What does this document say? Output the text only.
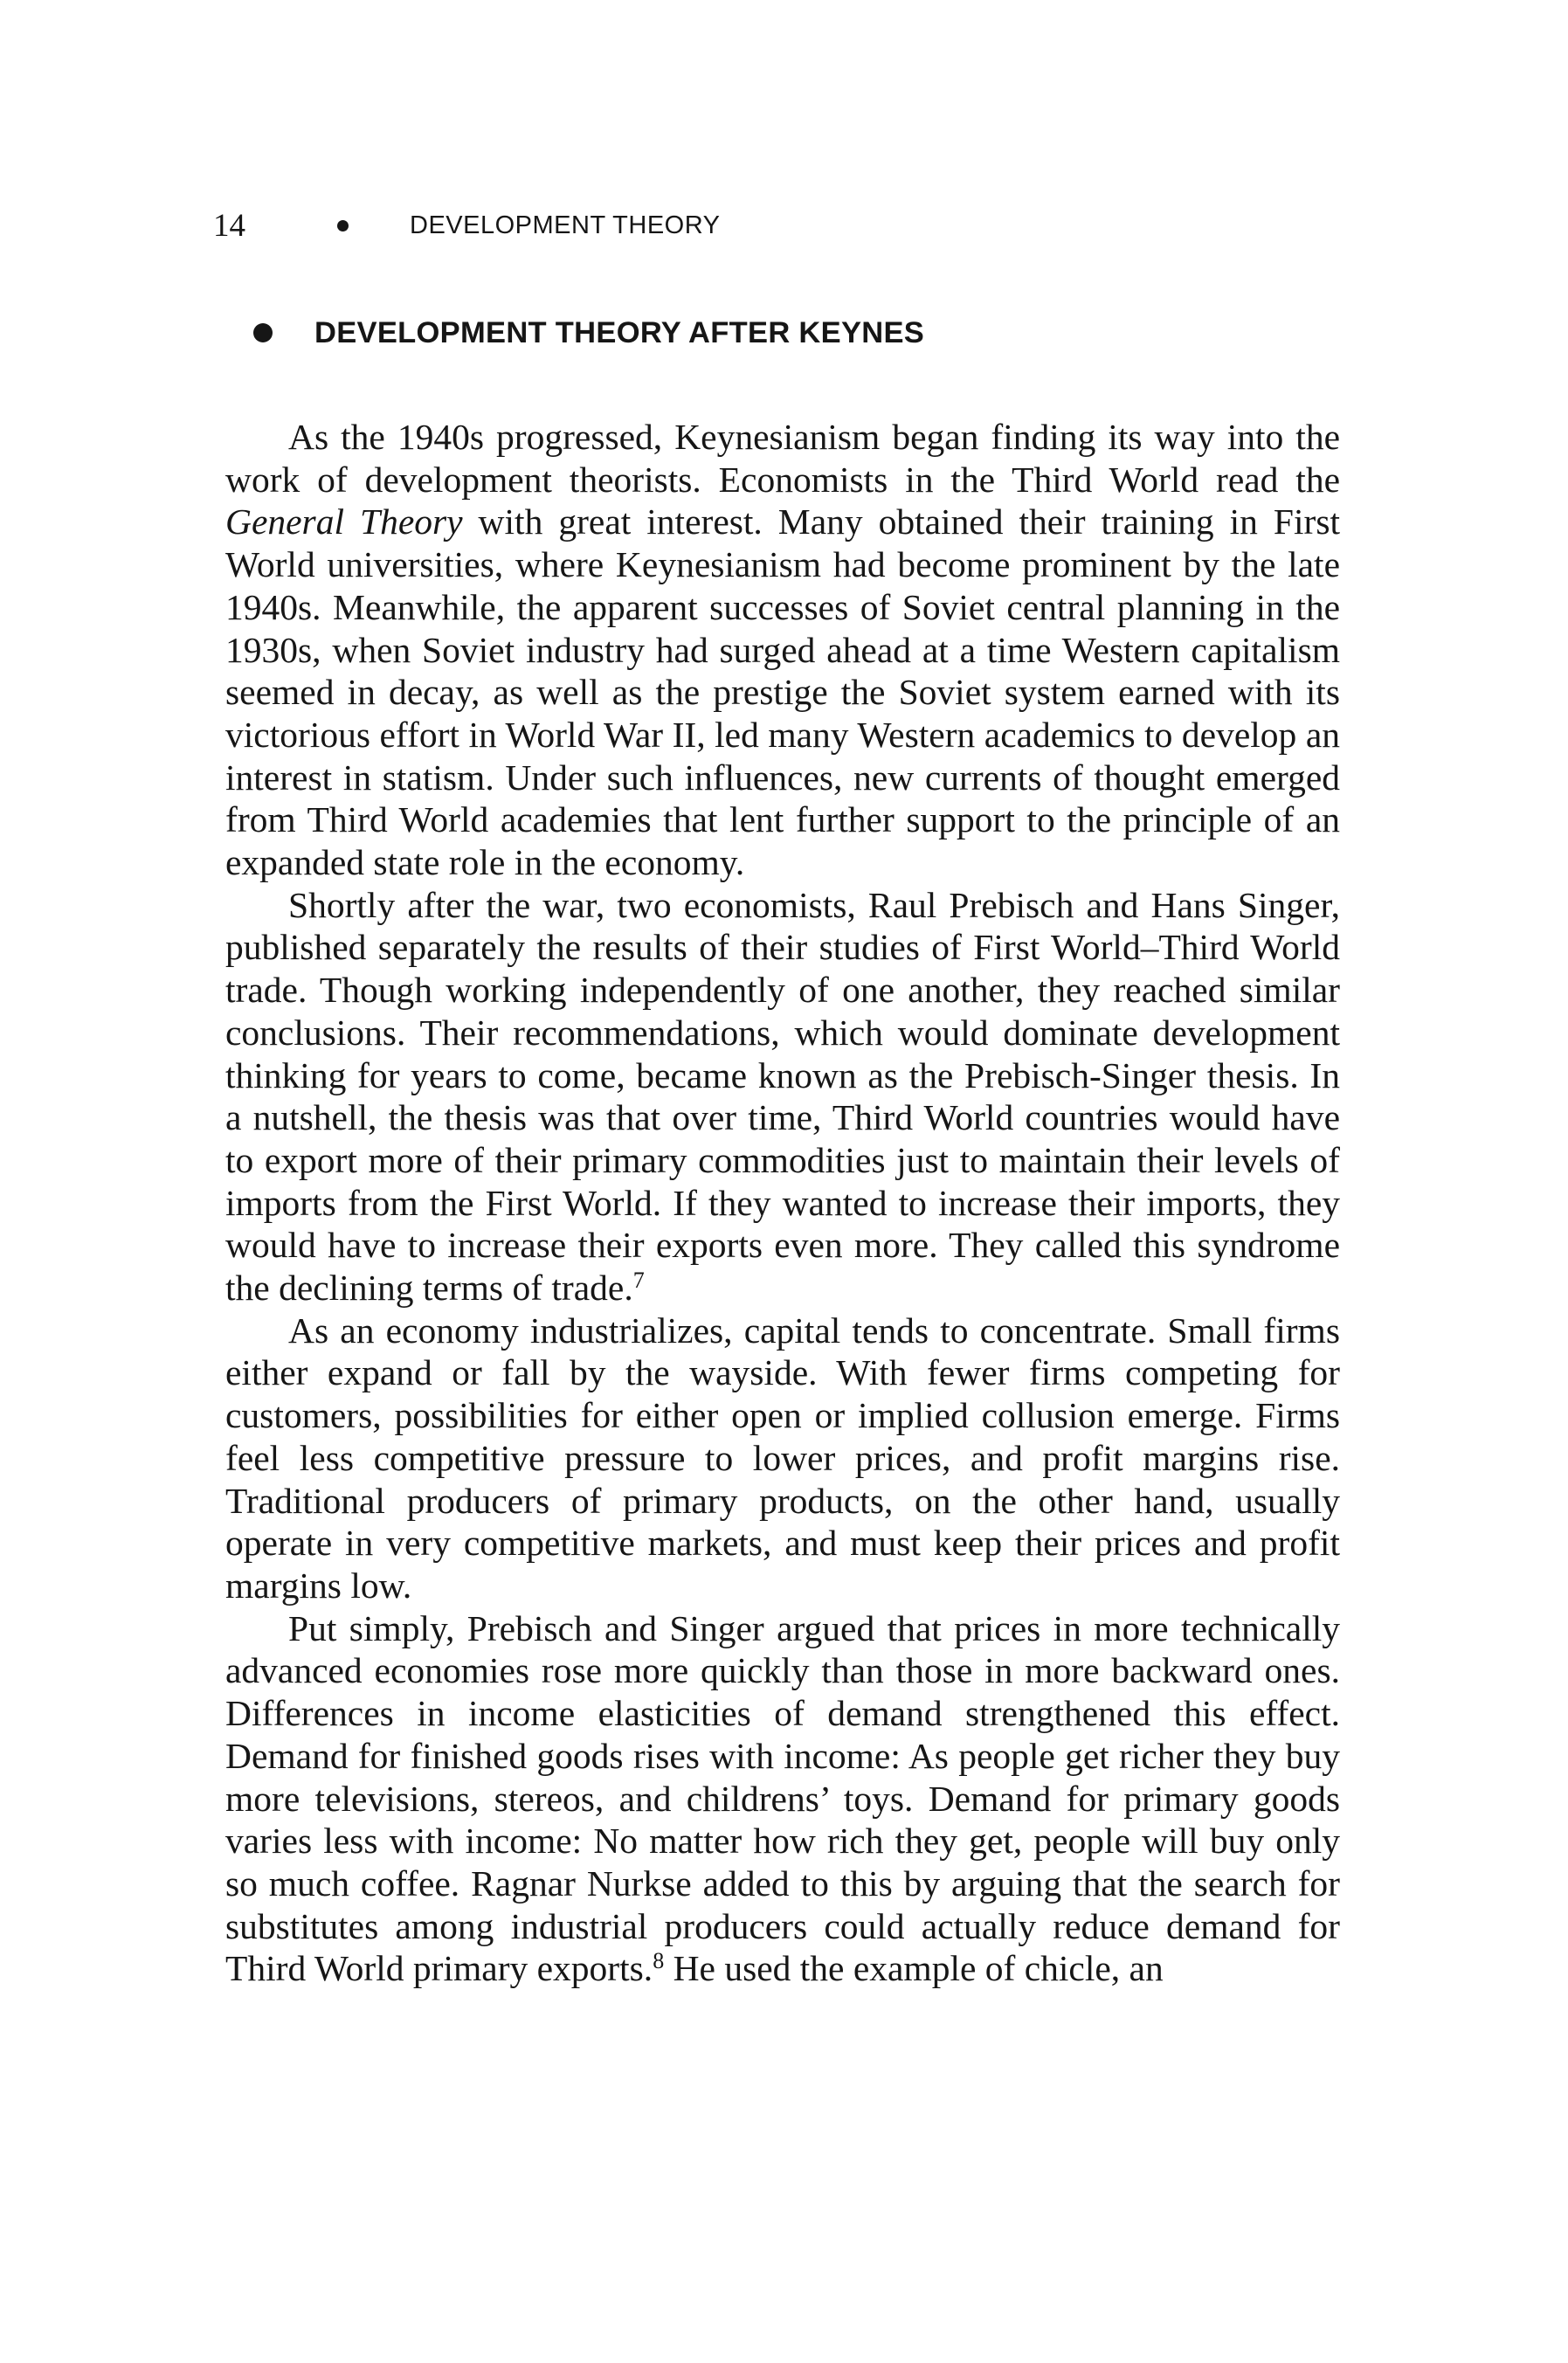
14	DEVELOPMENT THEORY
DEVELOPMENT THEORY AFTER KEYNES

As the 1940s progressed, Keynesianism began finding its way into the work of development theorists. Economists in the Third World read the General Theory with great interest. Many obtained their training in First World universities, where Keynesianism had become prominent by the late 1940s. Meanwhile, the apparent successes of Soviet central planning in the 1930s, when Soviet industry had surged ahead at a time Western capitalism seemed in decay, as well as the prestige the Soviet system earned with its victorious effort in World War II, led many Western academics to develop an interest in statism. Under such influences, new currents of thought emerged from Third World academies that lent further support to the principle of an expanded state role in the economy.

Shortly after the war, two economists, Raul Prebisch and Hans Singer, published separately the results of their studies of First World–Third World trade. Though working independently of one another, they reached similar conclusions. Their recommendations, which would dominate development thinking for years to come, became known as the Prebisch-Singer thesis. In a nutshell, the thesis was that over time, Third World countries would have to export more of their primary commodities just to maintain their levels of imports from the First World. If they wanted to increase their imports, they would have to increase their exports even more. They called this syndrome the declining terms of trade.$^7$

As an economy industrializes, capital tends to concentrate. Small firms either expand or fall by the wayside. With fewer firms competing for customers, possibilities for either open or implied collusion emerge. Firms feel less competitive pressure to lower prices, and profit margins rise. Traditional producers of primary products, on the other hand, usually operate in very competitive markets, and must keep their prices and profit margins low.

Put simply, Prebisch and Singer argued that prices in more technically advanced economies rose more quickly than those in more backward ones. Differences in income elasticities of demand strengthened this effect. Demand for finished goods rises with income: As people get richer they buy more televisions, stereos, and childrens’ toys. Demand for primary goods varies less with income: No matter how rich they get, people will buy only so much coffee. Ragnar Nurkse added to this by arguing that the search for substitutes among industrial producers could actually reduce demand for Third World primary exports.$^8$ He used the example of chicle, an
